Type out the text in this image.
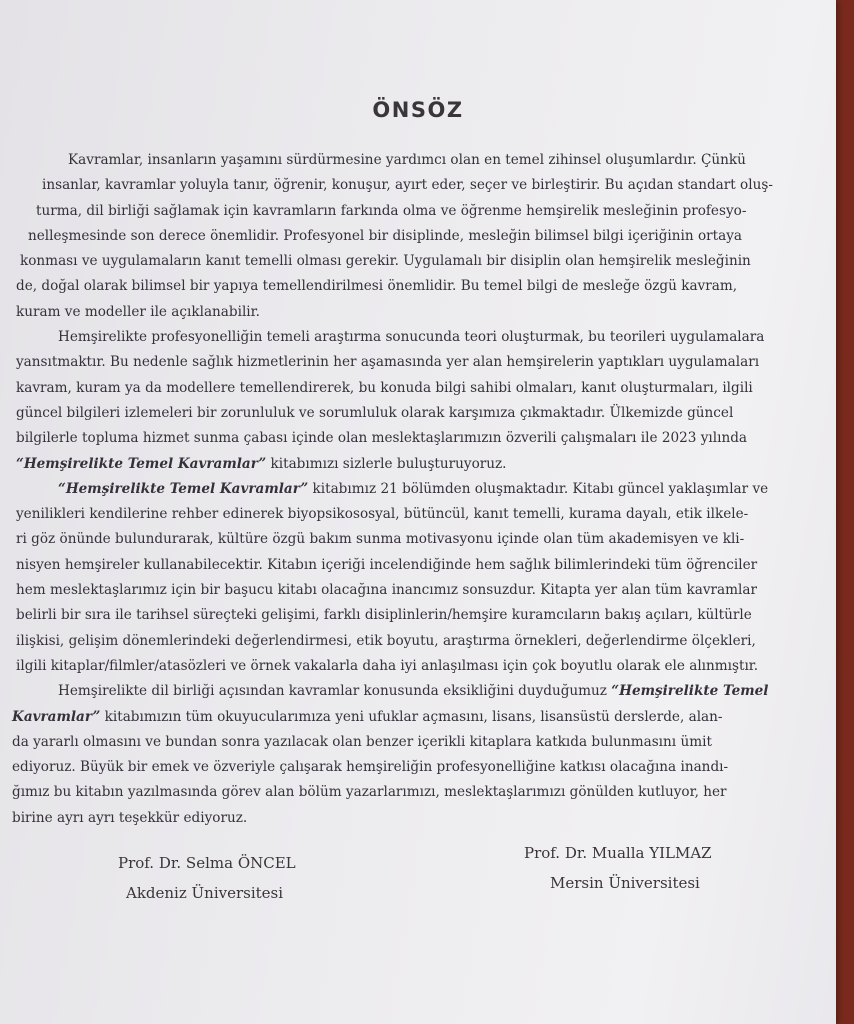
ÖNSÖZ
Kavramlar, insanların yaşamını sürdürmesine yardımcı olan en temel zihinsel oluşumlardır. Çünkü
insanlar, kavramlar yoluyla tanır, öğrenir, konuşur, ayırt eder, seçer ve birleştirir. Bu açıdan standart oluş-
turma, dil birliği sağlamak için kavramların farkında olma ve öğrenme hemşirelik mesleğinin profesyo-
nelleşmesinde son derece önemlidir. Profesyonel bir disiplinde, mesleğin bilimsel bilgi içeriğinin ortaya
konması ve uygulamaların kanıt temelli olması gerekir. Uygulamalı bir disiplin olan hemşirelik mesleğinin
de, doğal olarak bilimsel bir yapıya temellendirilmesi önemlidir. Bu temel bilgi de mesleğe özgü kavram,
kuram ve modeller ile açıklanabilir.
Hemşirelikte profesyonelliğin temeli araştırma sonucunda teori oluşturmak, bu teorileri uygulamalara
yansıtmaktır. Bu nedenle sağlık hizmetlerinin her aşamasında yer alan hemşirelerin yaptıkları uygulamaları
kavram, kuram ya da modellere temellendirerek, bu konuda bilgi sahibi olmaları, kanıt oluşturmaları, ilgili
güncel bilgileri izlemeleri bir zorunluluk ve sorumluluk olarak karşımıza çıkmaktadır. Ülkemizde güncel
bilgilerle topluma hizmet sunma çabası içinde olan meslektaşlarımızın özverili çalışmaları ile 2023 yılında
“Hemşirelikte Temel Kavramlar” kitabımızı sizlerle buluşturuyoruz.
“Hemşirelikte Temel Kavramlar” kitabımız 21 bölümden oluşmaktadır. Kitabı güncel yaklaşımlar ve
yenilikleri kendilerine rehber edinerek biyopsikososyal, bütüncül, kanıt temelli, kurama dayalı, etik ilkele-
ri göz önünde bulundurarak, kültüre özgü bakım sunma motivasyonu içinde olan tüm akademisyen ve kli-
nisyen hemşireler kullanabilecektir. Kitabın içeriği incelendiğinde hem sağlık bilimlerindeki tüm öğrenciler
hem meslektaşlarımız için bir başucu kitabı olacağına inancımız sonsuzdur. Kitapta yer alan tüm kavramlar
belirli bir sıra ile tarihsel süreçteki gelişimi, farklı disiplinlerin/hemşire kuramcıların bakış açıları, kültürle
ilişkisi, gelişim dönemlerindeki değerlendirmesi, etik boyutu, araştırma örnekleri, değerlendirme ölçekleri,
ilgili kitaplar/filmler/atasözleri ve örnek vakalarla daha iyi anlaşılması için çok boyutlu olarak ele alınmıştır.
Hemşirelikte dil birliği açısından kavramlar konusunda eksikliğini duyduğumuz “Hemşirelikte Temel
Kavramlar” kitabımızın tüm okuyucularımıza yeni ufuklar açmasını, lisans, lisansüstü derslerde, alan-
da yararlı olmasını ve bundan sonra yazılacak olan benzer içerikli kitaplara katkıda bulunmasını ümit
ediyoruz. Büyük bir emek ve özveriyle çalışarak hemşireliğin profesyonelliğine katkısı olacağına inandı-
ğımız bu kitabın yazılmasında görev alan bölüm yazarlarımızı, meslektaşlarımızı gönülden kutluyor, her
birine ayrı ayrı teşekkür ediyoruz.
Prof. Dr. Selma ÖNCEL
Akdeniz Üniversitesi
Prof. Dr. Mualla YILMAZ
Mersin Üniversitesi
